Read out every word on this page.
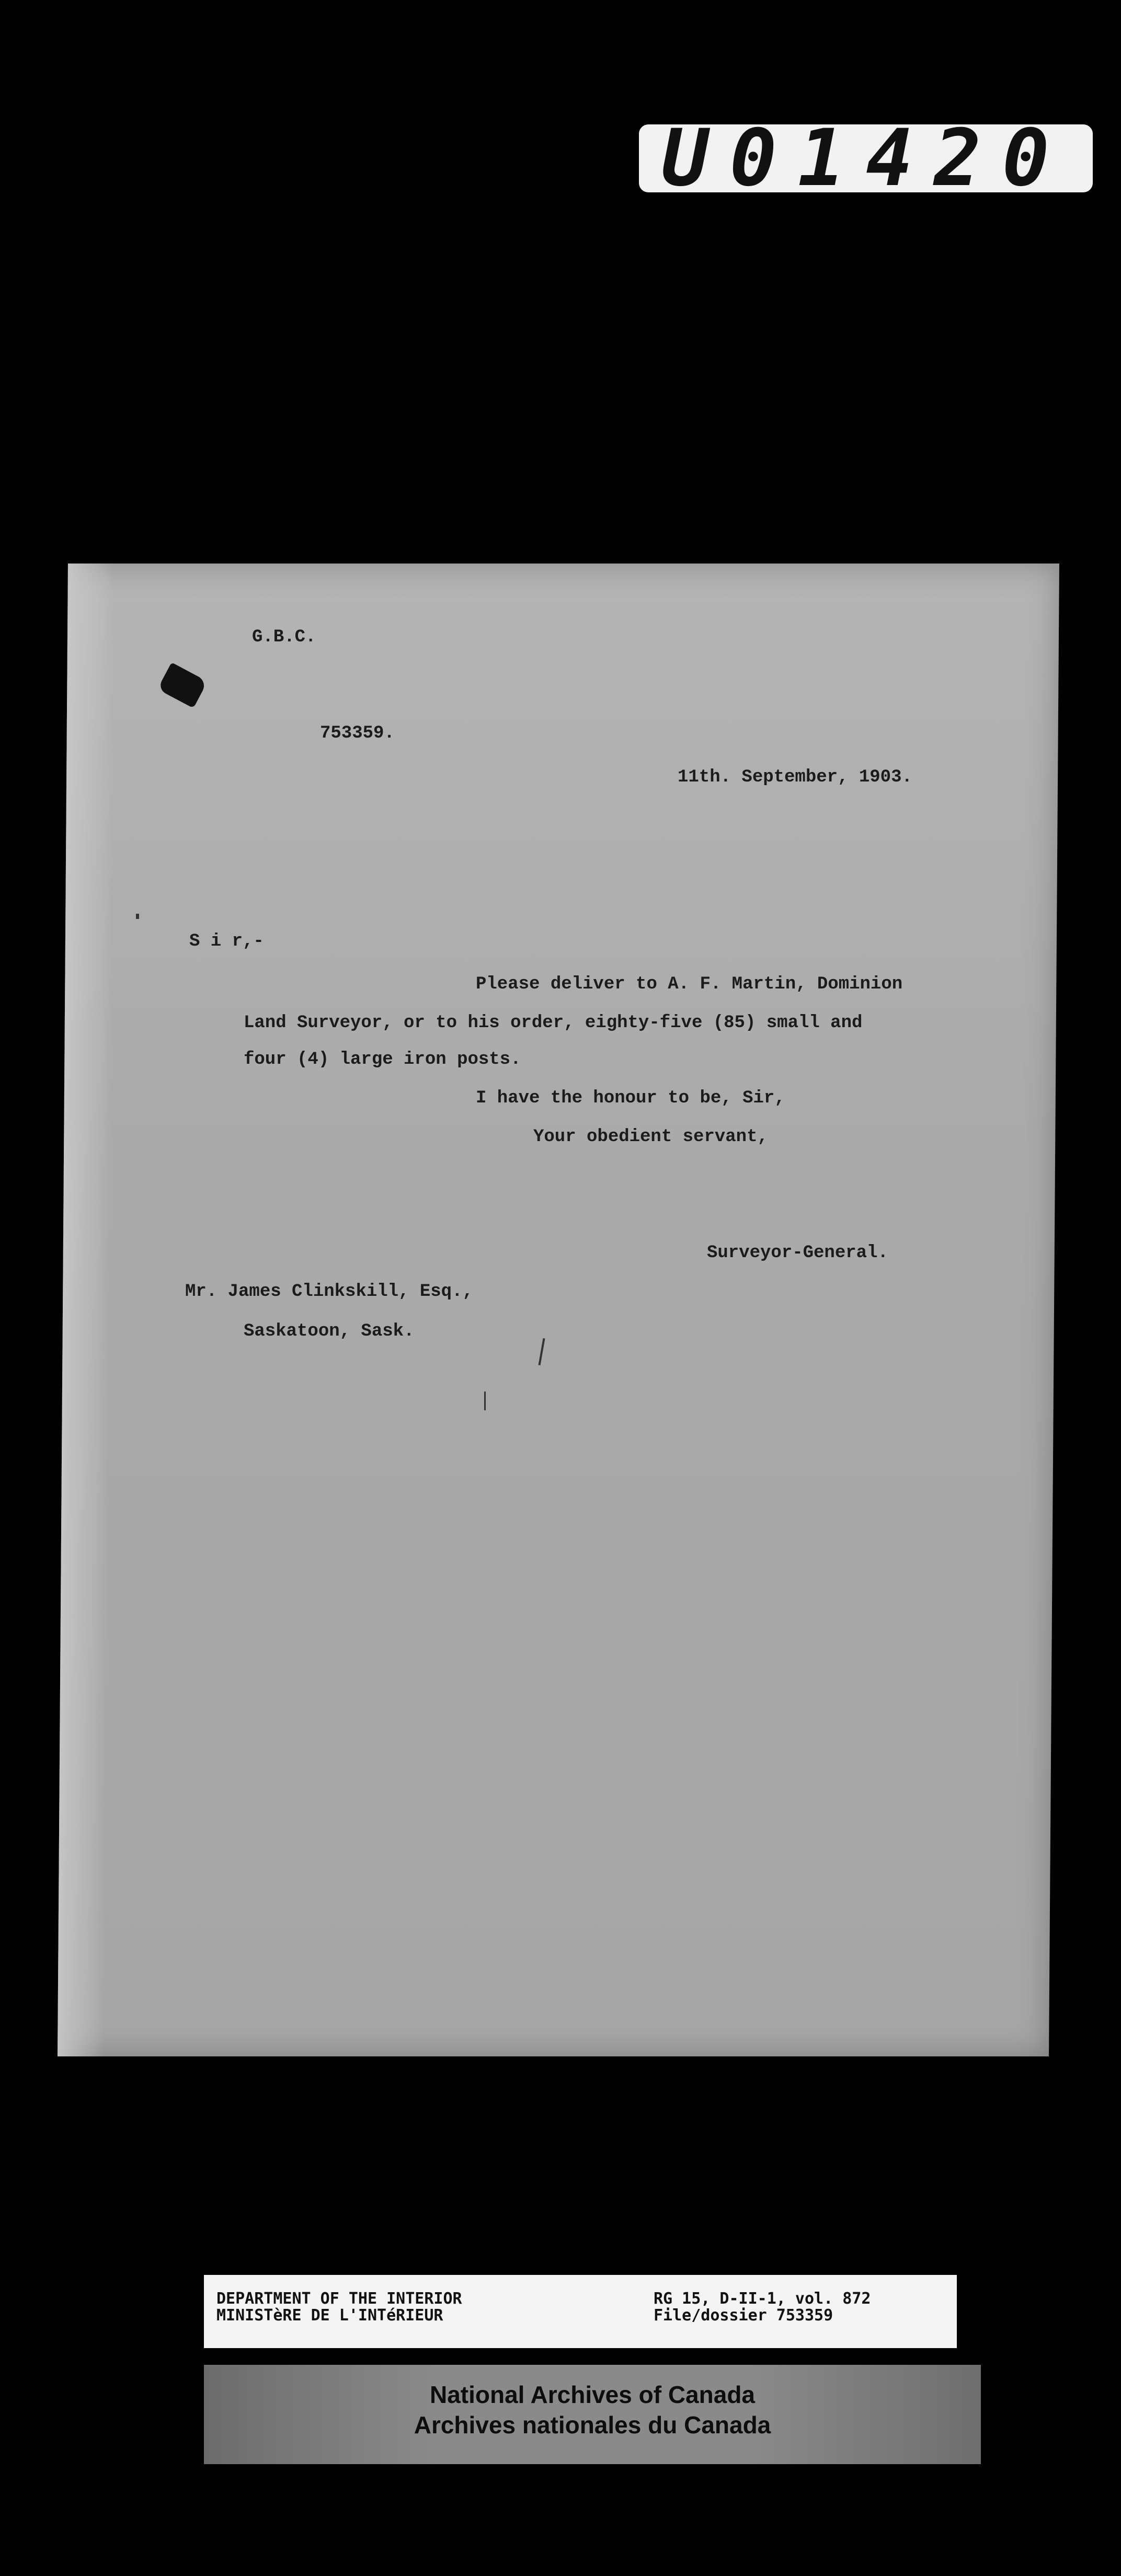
U01420
G.B.C.
753359.
11th. September, 1903.
S i r,-
Please deliver to A. F. Martin, Dominion
Land Surveyor, or to his order, eighty-five (85) small and
four (4) large iron posts.
I have the honour to be, Sir,
Your obedient servant,
Surveyor-General.
Mr. James Clinkskill, Esq.,
Saskatoon, Sask.
DEPARTMENT OF THE INTERIOR
MINISTèRE DE L'INTéRIEUR
RG 15, D-II-1, vol. 872
File/dossier 753359
National Archives of Canada
Archives nationales du Canada
